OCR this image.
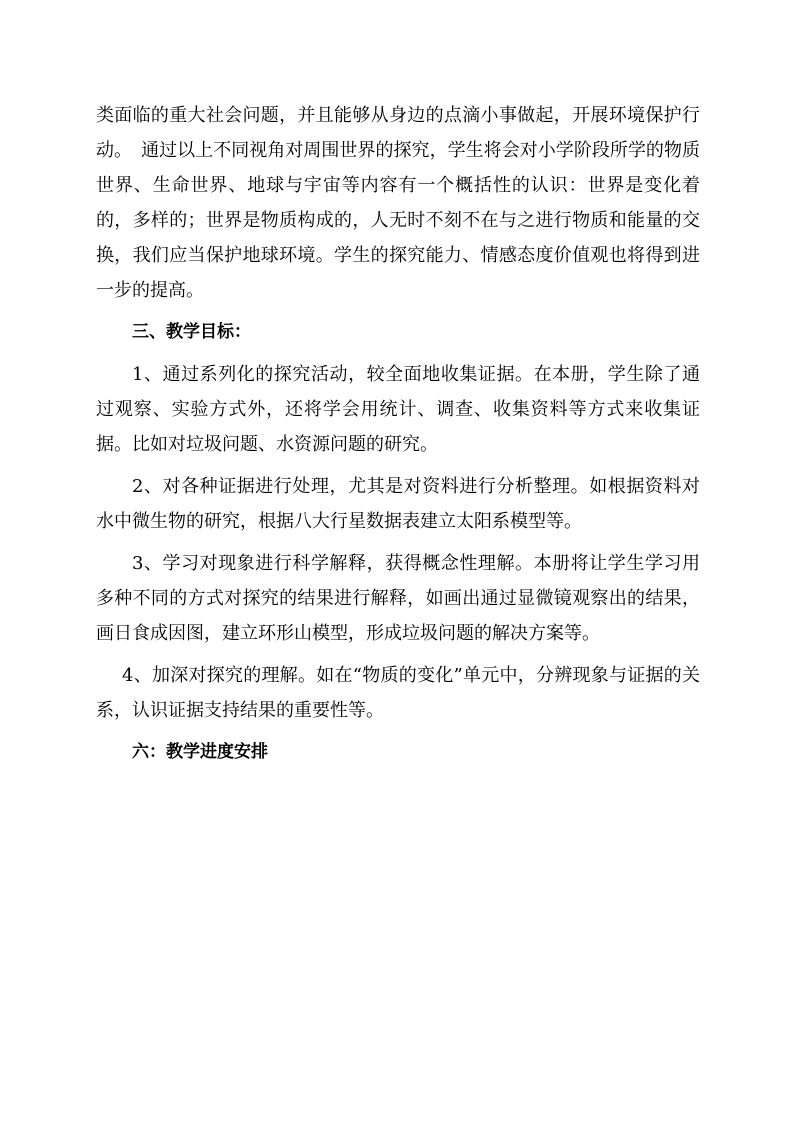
类面临的重大社会问题，并且能够从身边的点滴小事做起，开展环境保护行动。　通过以上不同视角对周围世界的探究，学生将会对小学阶段所学的物质世界、生命世界、地球与宇宙等内容有一个概括性的认识：世界是变化着的，多样的；世界是物质构成的，人无时不刻不在与之进行物质和能量的交换，我们应当保护地球环境。学生的探究能力、情感态度价值观也将得到进一步的提高。

三、教学目标：

1、通过系列化的探究活动，较全面地收集证据。在本册，学生除了通过观察、实验方式外，还将学会用统计、调查、收集资料等方式来收集证据。比如对垃圾问题、水资源问题的研究。

2、对各种证据进行处理，尤其是对资料进行分析整理。如根据资料对水中微生物的研究，根据八大行星数据表建立太阳系模型等。

3、学习对现象进行科学解释，获得概念性理解。本册将让学生学习用多种不同的方式对探究的结果进行解释，如画出通过显微镜观察出的结果，画日食成因图，建立环形山模型，形成垃圾问题的解决方案等。

4、加深对探究的理解。如在“物质的变化”单元中，分辨现象与证据的关系，认识证据支持结果的重要性等。

六：教学进度安排
